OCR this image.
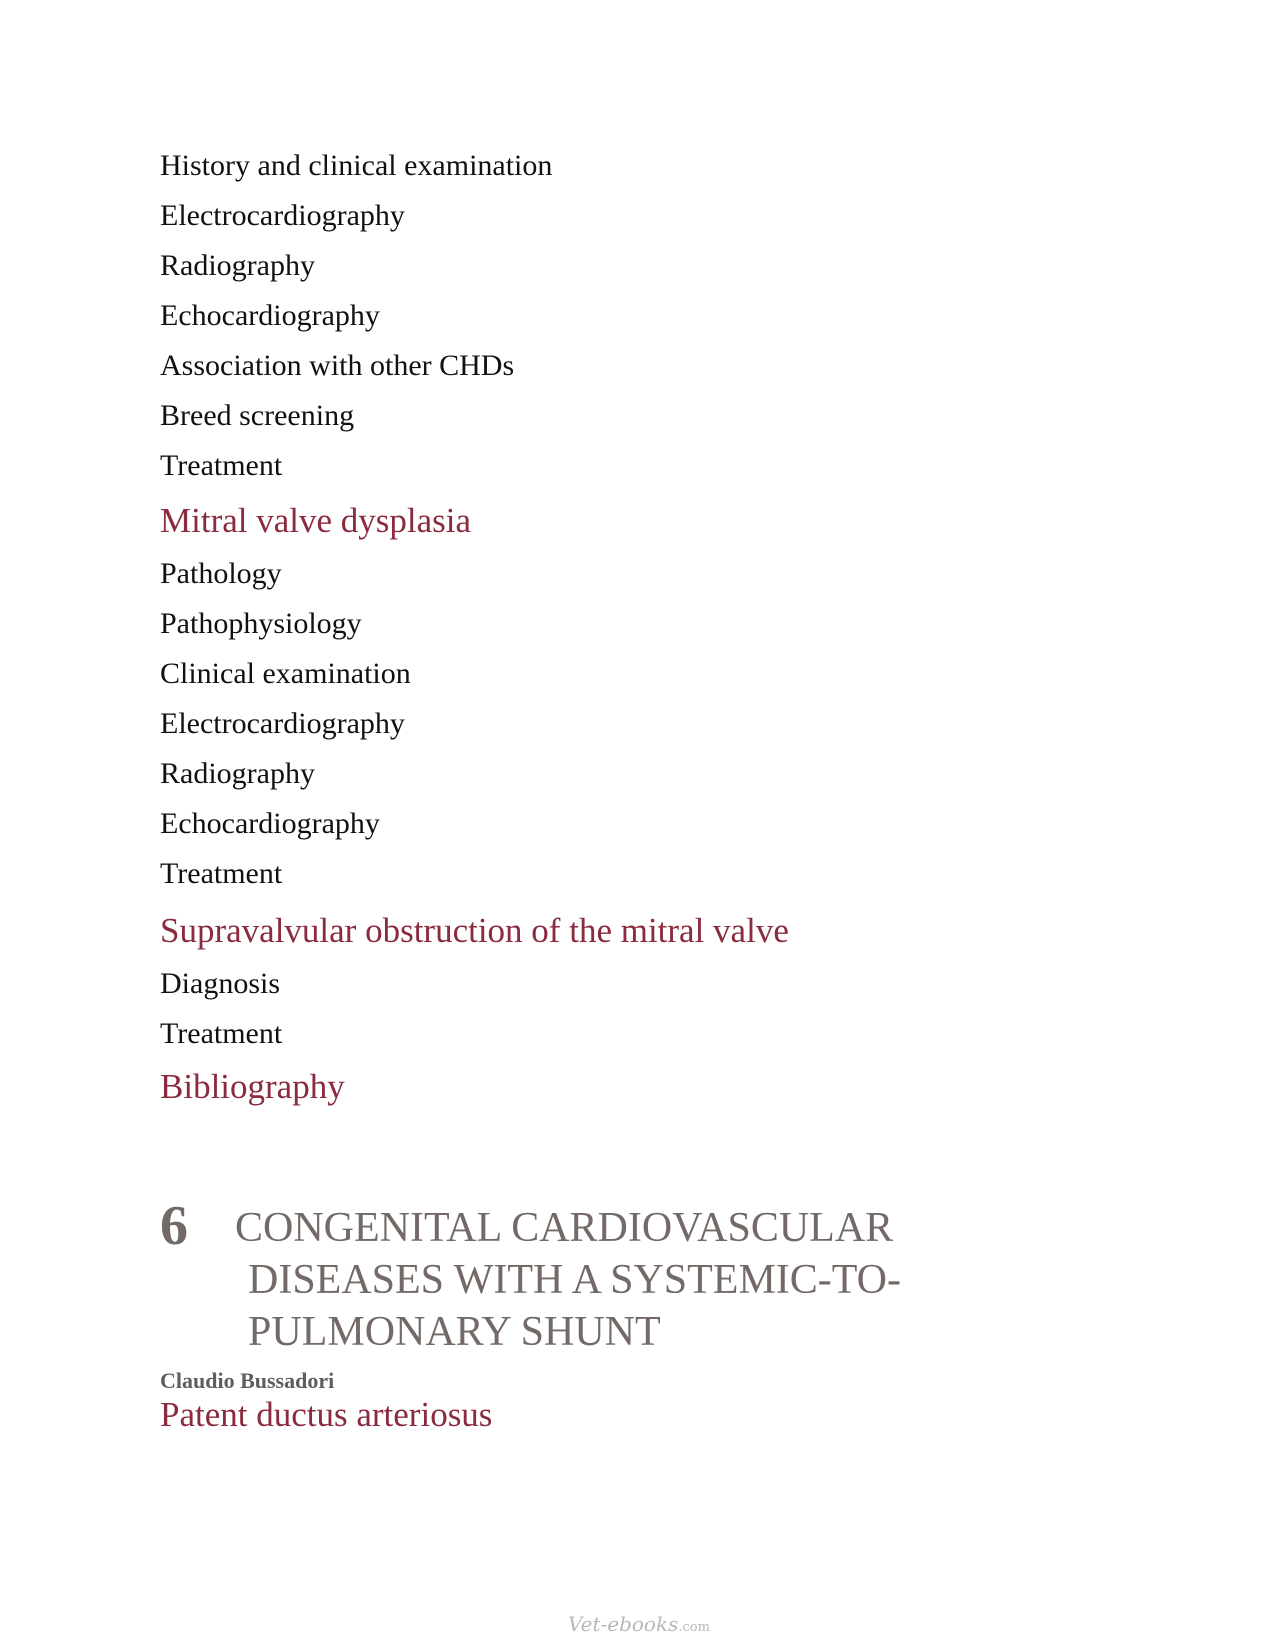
History and clinical examination
Electrocardiography
Radiography
Echocardiography
Association with other CHDs
Breed screening
Treatment
Mitral valve dysplasia
Pathology
Pathophysiology
Clinical examination
Electrocardiography
Radiography
Echocardiography
Treatment
Supravalvular obstruction of the mitral valve
Diagnosis
Treatment
Bibliography
6 CONGENITAL CARDIOVASCULAR
DISEASES WITH A SYSTEMIC-TO-
PULMONARY SHUNT
Claudio Bussadori
Patent ductus arteriosus
Vet-ebooks.com
